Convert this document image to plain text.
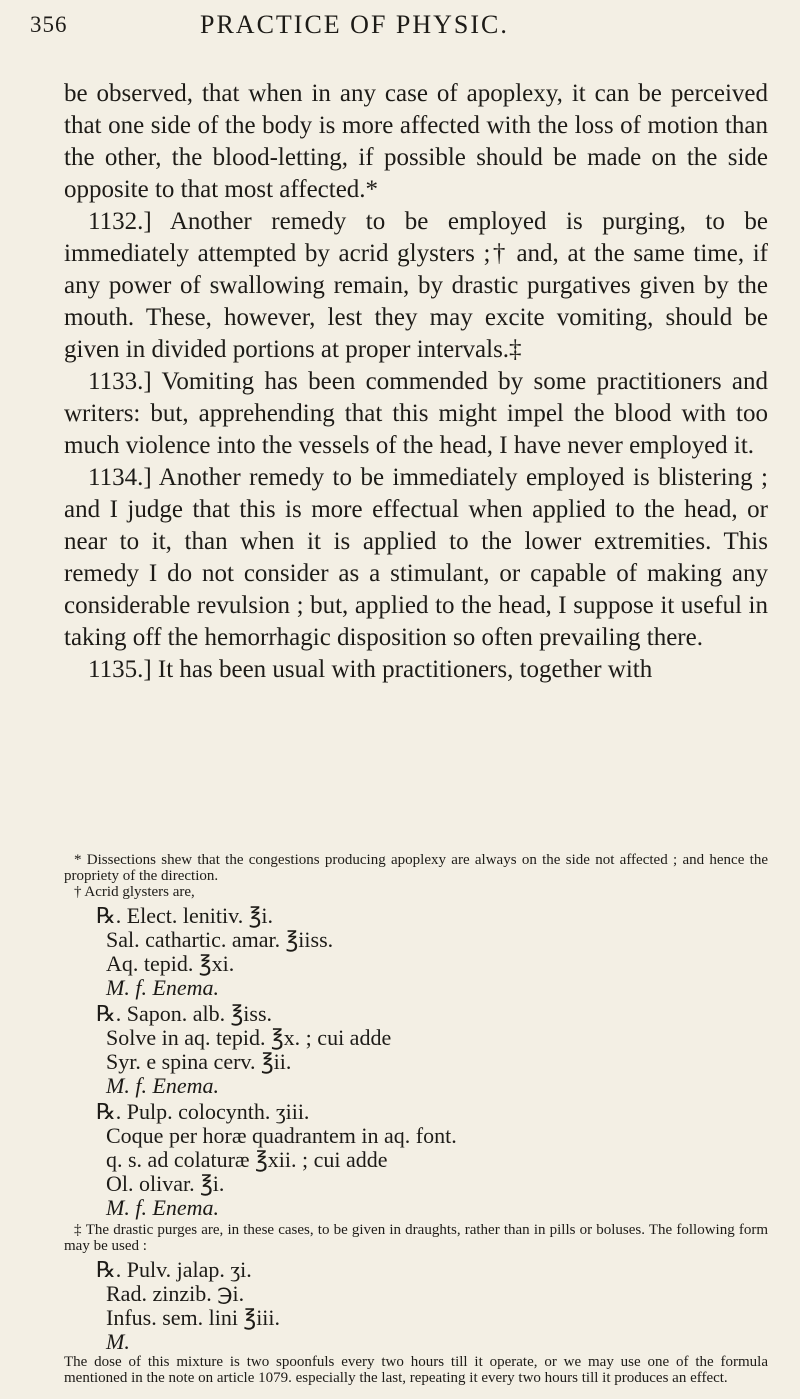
356	PRACTICE OF PHYSIC.

be observed, that when in any case of apoplexy, it can be perceived that one side of the body is more affected with the loss of motion than the other, the blood-letting, if possible should be made on the side opposite to that most affected.*

1132.] Another remedy to be employed is purging, to be immediately attempted by acrid glysters ;† and, at the same time, if any power of swallowing remain, by drastic purgatives given by the mouth. These, however, lest they may excite vomiting, should be given in divided portions at proper intervals.‡

1133.] Vomiting has been commended by some practitioners and writers: but, apprehending that this might impel the blood with too much violence into the vessels of the head, I have never employed it.

1134.] Another remedy to be immediately employed is blistering ; and I judge that this is more effectual when applied to the head, or near to it, than when it is applied to the lower extremities. This remedy I do not consider as a stimulant, or capable of making any considerable revulsion ; but, applied to the head, I suppose it useful in taking off the hemorrhagic disposition so often prevailing there.

1135.] It has been usual with practitioners, together with

* Dissections shew that the congestions producing apoplexy are always on the side not affected ; and hence the propriety of the direction.

† Acrid glysters are,

℞. Elect. lenitiv. ℥i.
Sal. cathartic. amar. ℥iiss.
Aq. tepid. ℥xi.
M. f. Enema.
℞. Sapon. alb. ℥iss.
Solve in aq. tepid. ℥x. ; cui adde
Syr. e spina cerv. ℥ii.
M. f. Enema.
℞. Pulp. colocynth. ʒiii.
Coque per horæ quadrantem in aq. font.
q. s. ad colaturæ ℥xii. ; cui adde
Ol. olivar. ℥i.
M. f. Enema.

‡ The drastic purges are, in these cases, to be given in draughts, rather than in pills or boluses. The following form may be used :

℞. Pulv. jalap. ʒi.
Rad. zinzib. ℈i.
Infus. sem. lini ℥iii.
M.

The dose of this mixture is two spoonfuls every two hours till it operate, or we may use one of the formula mentioned in the note on article 1079. especially the last, repeating it every two hours till it produces an effect.
